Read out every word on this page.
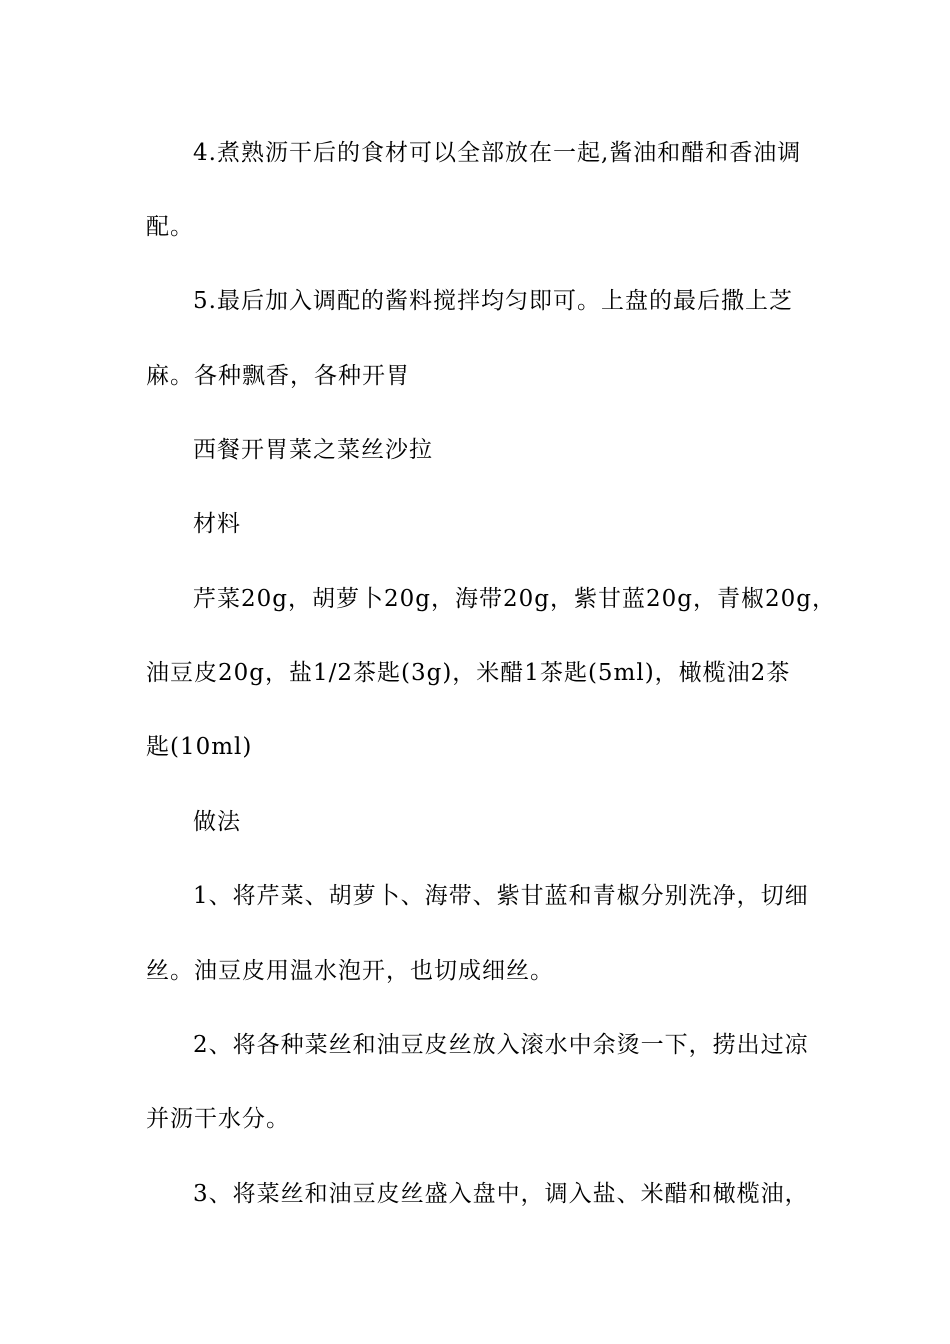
4.煮熟沥干后的食材可以全部放在一起,酱油和醋和香油调
配。
5.最后加入调配的酱料搅拌均匀即可。上盘的最后撒上芝
麻。各种飘香，各种开胃
西餐开胃菜之菜丝沙拉
材料
芹菜20g，胡萝卜20g，海带20g，紫甘蓝20g，青椒20g，
油豆皮20g，盐1/2茶匙(3g)，米醋1茶匙(5ml)，橄榄油2茶
匙(10ml)
做法
1、将芹菜、胡萝卜、海带、紫甘蓝和青椒分别洗净，切细
丝。油豆皮用温水泡开，也切成细丝。
2、将各种菜丝和油豆皮丝放入滚水中余烫一下，捞出过凉
并沥干水分。
3、将菜丝和油豆皮丝盛入盘中，调入盐、米醋和橄榄油，
